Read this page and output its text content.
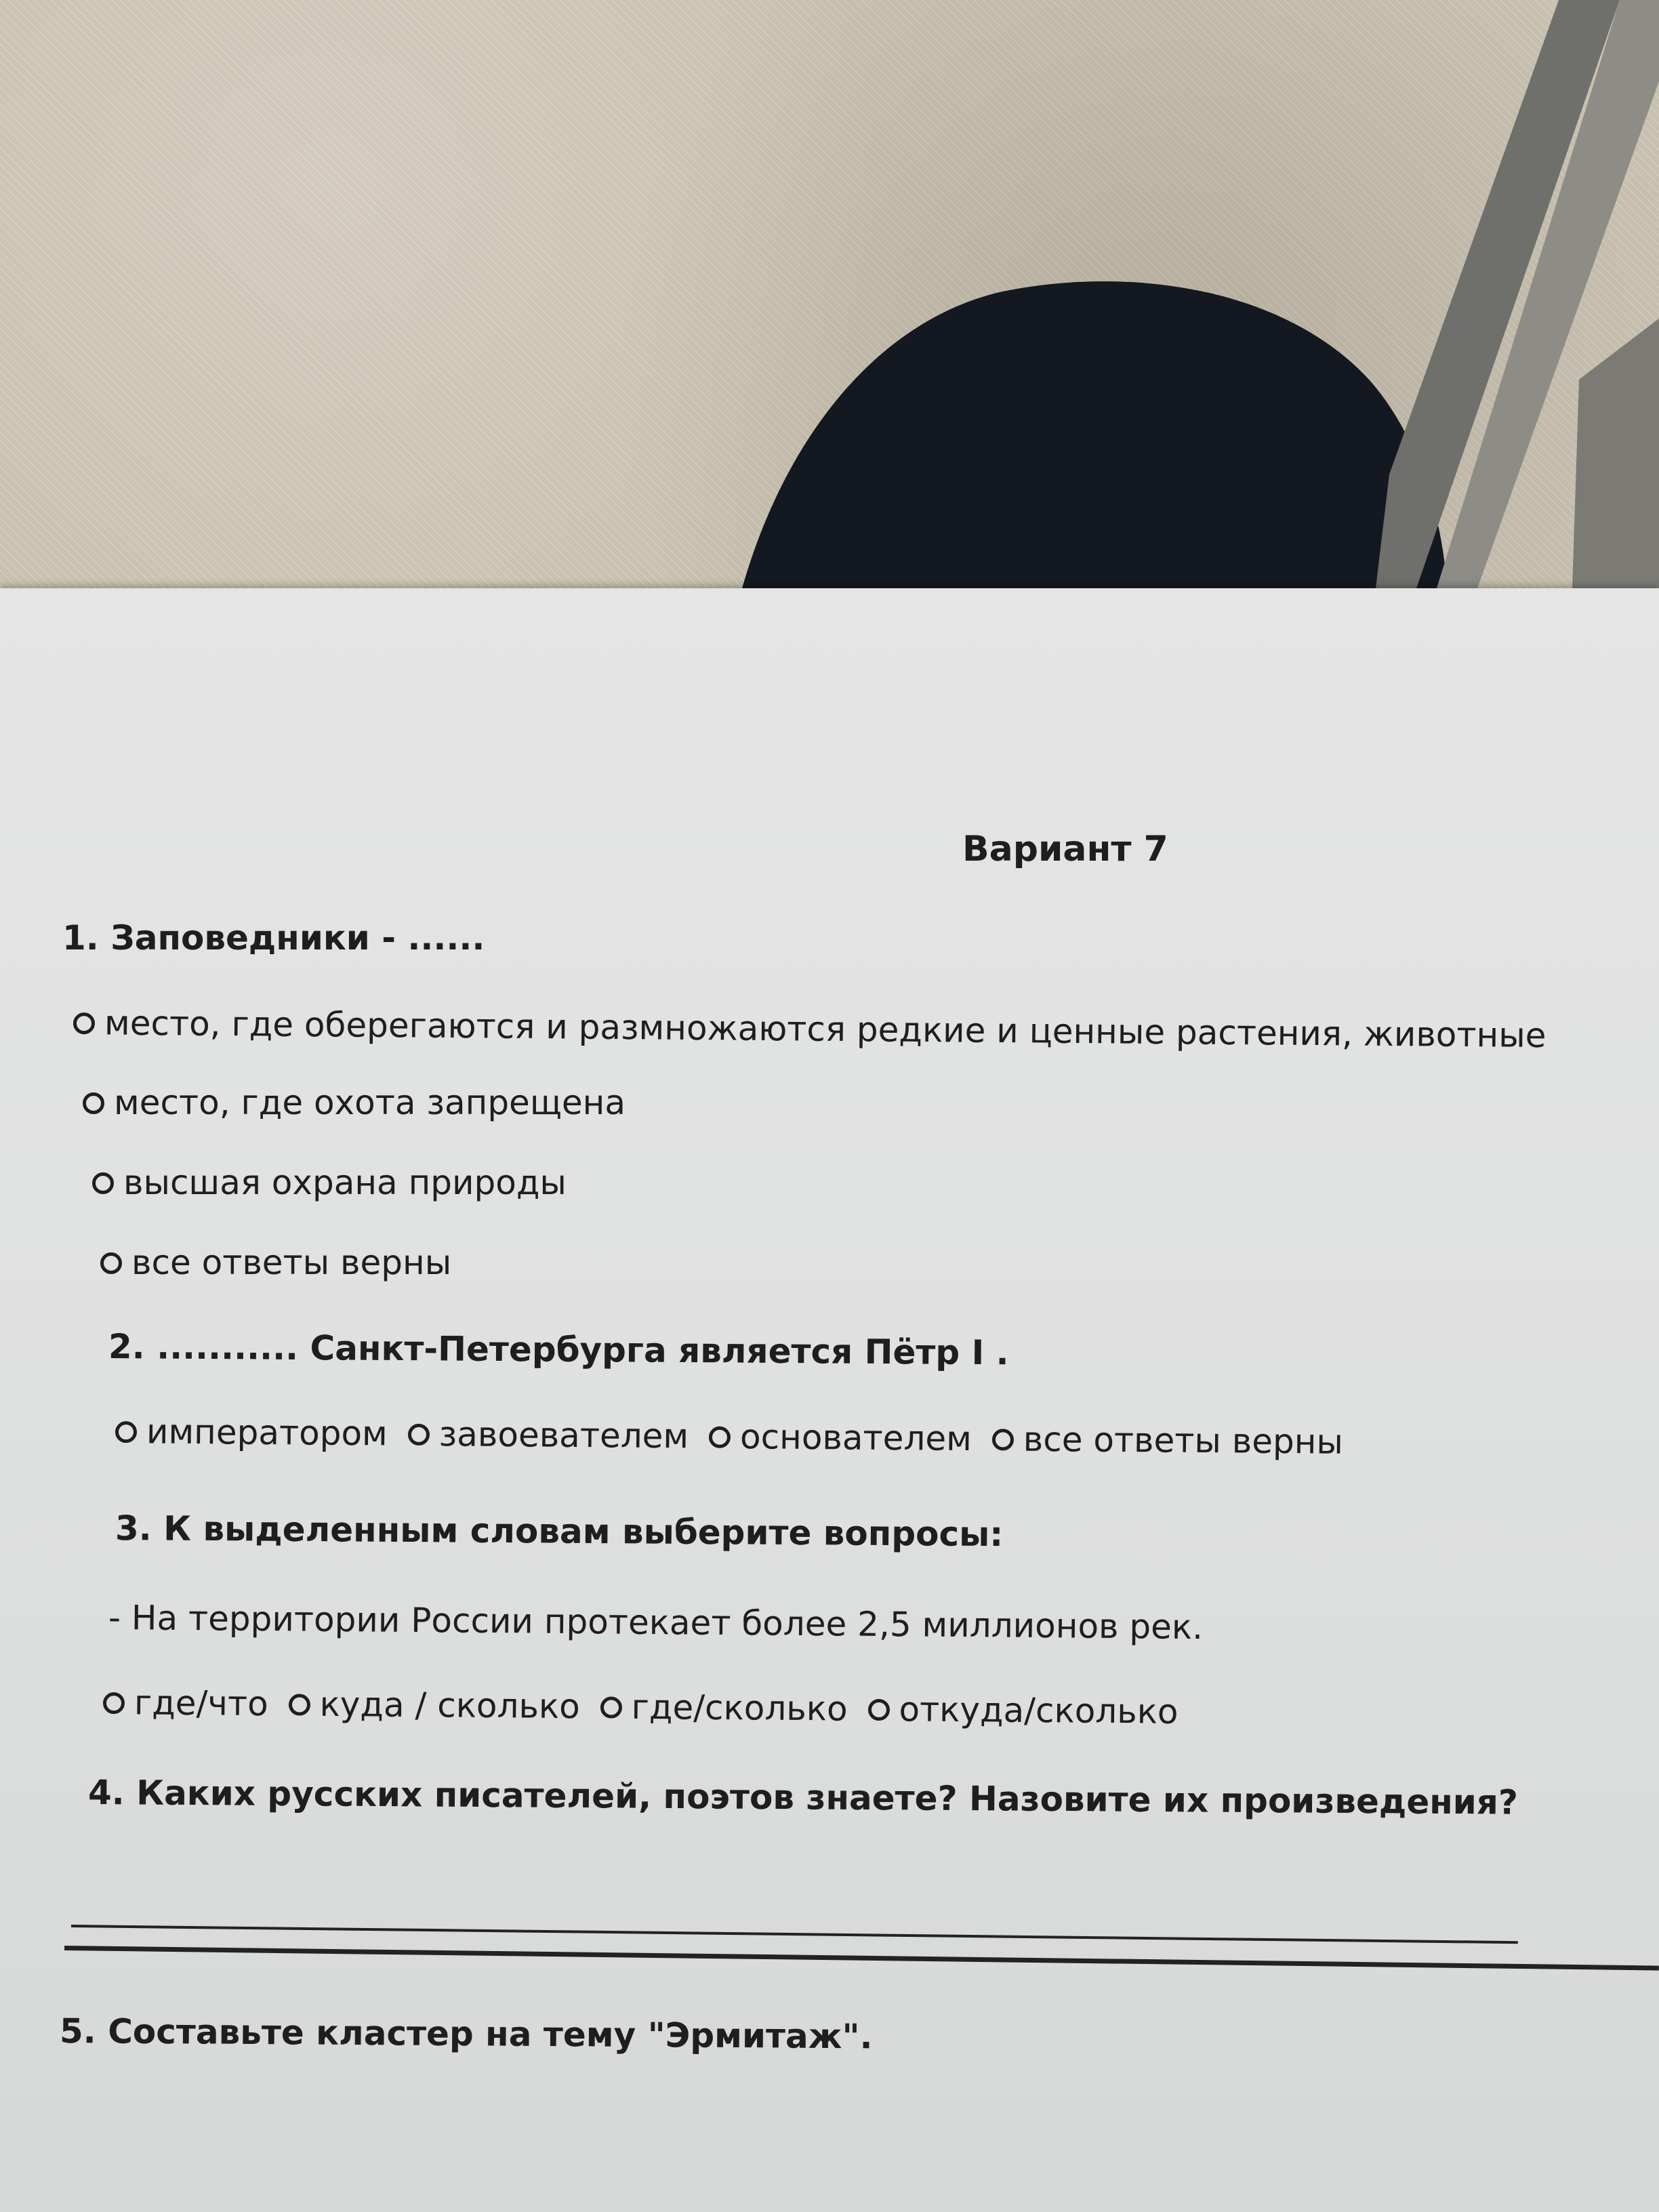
Вариант 7
1. Заповедники - ......
место, где оберегаются и размножаются редкие и ценные растения, животные
место, где охота запрещена
высшая охрана природы
все ответы верны
2. ........... Санкт-Петербурга является Пётр I .
императором завоевателем основателем все ответы верны
3. К выделенным словам выберите вопросы:
- На территории России протекает более 2,5 миллионов рек.
где/что куда / сколько где/сколько откуда/сколько
4. Каких русских писателей, поэтов знаете? Назовите их произведения?
5. Составьте кластер на тему "Эрмитаж".
